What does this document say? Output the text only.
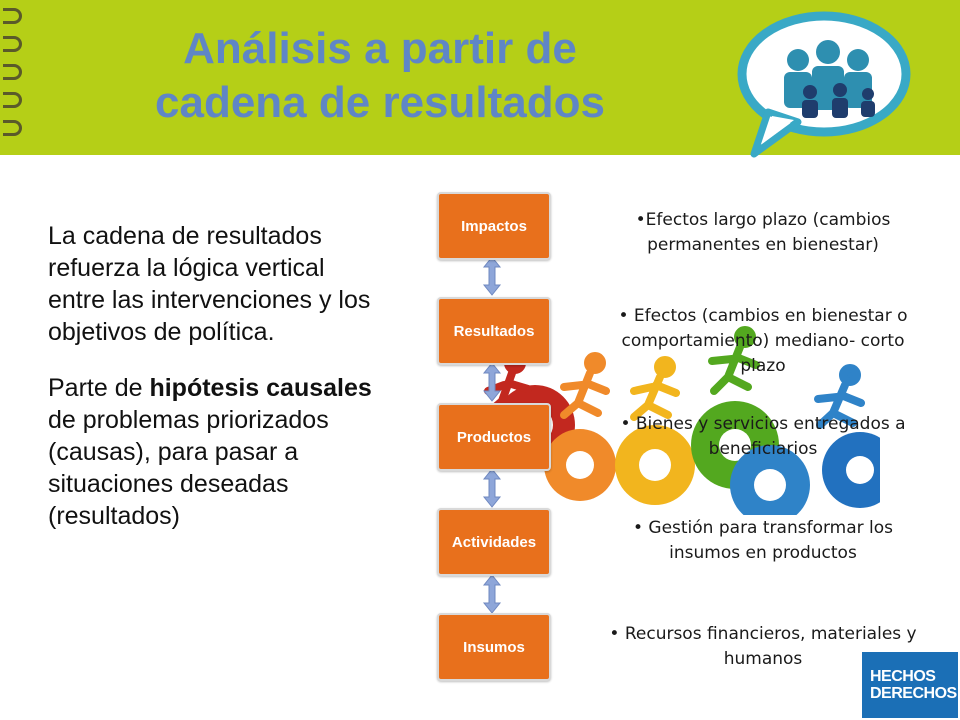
Análisis a partir de
cadena de resultados

La cadena de resultados refuerza la lógica vertical entre las intervenciones y los objetivos de política.

Parte de hipótesis causales de problemas priorizados (causas), para pasar a situaciones deseadas (resultados)

Impactos
Resultados
Productos
Actividades
Insumos
•Efectos largo plazo (cambios permanentes en bienestar)
• Efectos (cambios en bienestar o comportamiento) mediano- corto plazo
• Bienes y servicios entregados a beneficiarios
• Gestión para transformar los insumos en productos
• Recursos financieros, materiales y humanos
HECHOS DERECHOS
